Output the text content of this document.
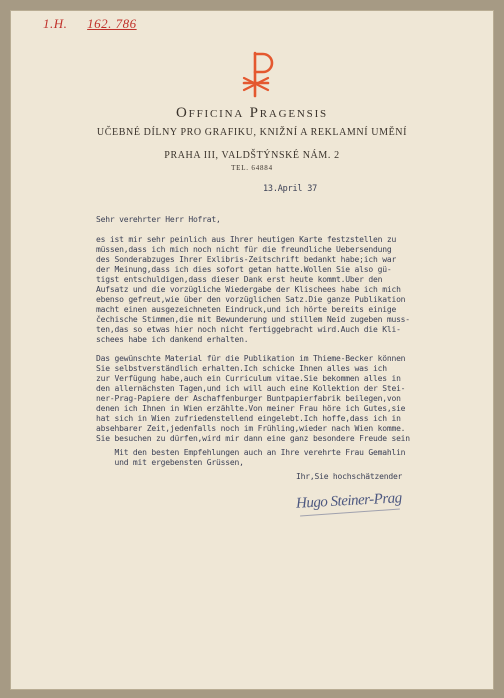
1.H. 162. 786
Officina Pragensis
UČEBNÉ DÍLNY PRO GRAFIKU, KNIŽNÍ A REKLAMNÍ UMĚNÍ
PRAHA III, VALDŠTÝNSKÉ NÁM. 2
TEL. 64884
13.April 37
Sehr verehrter Herr Hofrat,
es ist mir sehr peinlich aus Ihrer heutigen Karte festzstellen zu
müssen,dass ich mich noch nicht für die freundliche Uebersendung
des Sonderabzuges Ihrer Exlibris-Zeitschrift bedankt habe;ich war
der Meinung,dass ich dies sofort getan hatte.Wollen Sie also gü-
tigst entschuldigen,dass dieser Dank erst heute kommt.Uber den
Aufsatz und die vorzügliche Wiedergabe der Klischees habe ich mich
ebenso gefreut,wie über den vorzüglichen Satz.Die ganze Publikation
macht einen ausgezeichneten Eindruck,und ich hörte bereits einige
čechische Stimmen,die mit Bewunderung und stillem Neid zugeben muss-
ten,das so etwas hier noch nicht fertiggebracht wird.Auch die Kli-
schees habe ich dankend erhalten.
Das gewünschte Material für die Publikation im Thieme-Becker können
Sie selbstverständlich erhalten.Ich schicke Ihnen alles was ich
zur Verfügung habe,auch ein Curriculum vitae.Sie bekommen alles in
den allernächsten Tagen,und ich will auch eine Kollektion der Stei-
ner-Prag-Papiere der Aschaffenburger Buntpapierfabrik beilegen,von
denen ich Ihnen in Wien erzählte.Von meiner Frau höre ich Gutes,sie
hat sich in Wien zufriedenstellend eingelebt.Ich hoffe,dass ich in
absehbarer Zeit,jedenfalls noch im Frühling,wieder nach Wien komme.
Sie besuchen zu dürfen,wird mir dann eine ganz besondere Freude sein
Mit den besten Empfehlungen auch an Ihre verehrte Frau Gemahlin
und mit ergebensten Grüssen,
Ihr,Sie hochschätzender
Hugo Steiner-Prag
